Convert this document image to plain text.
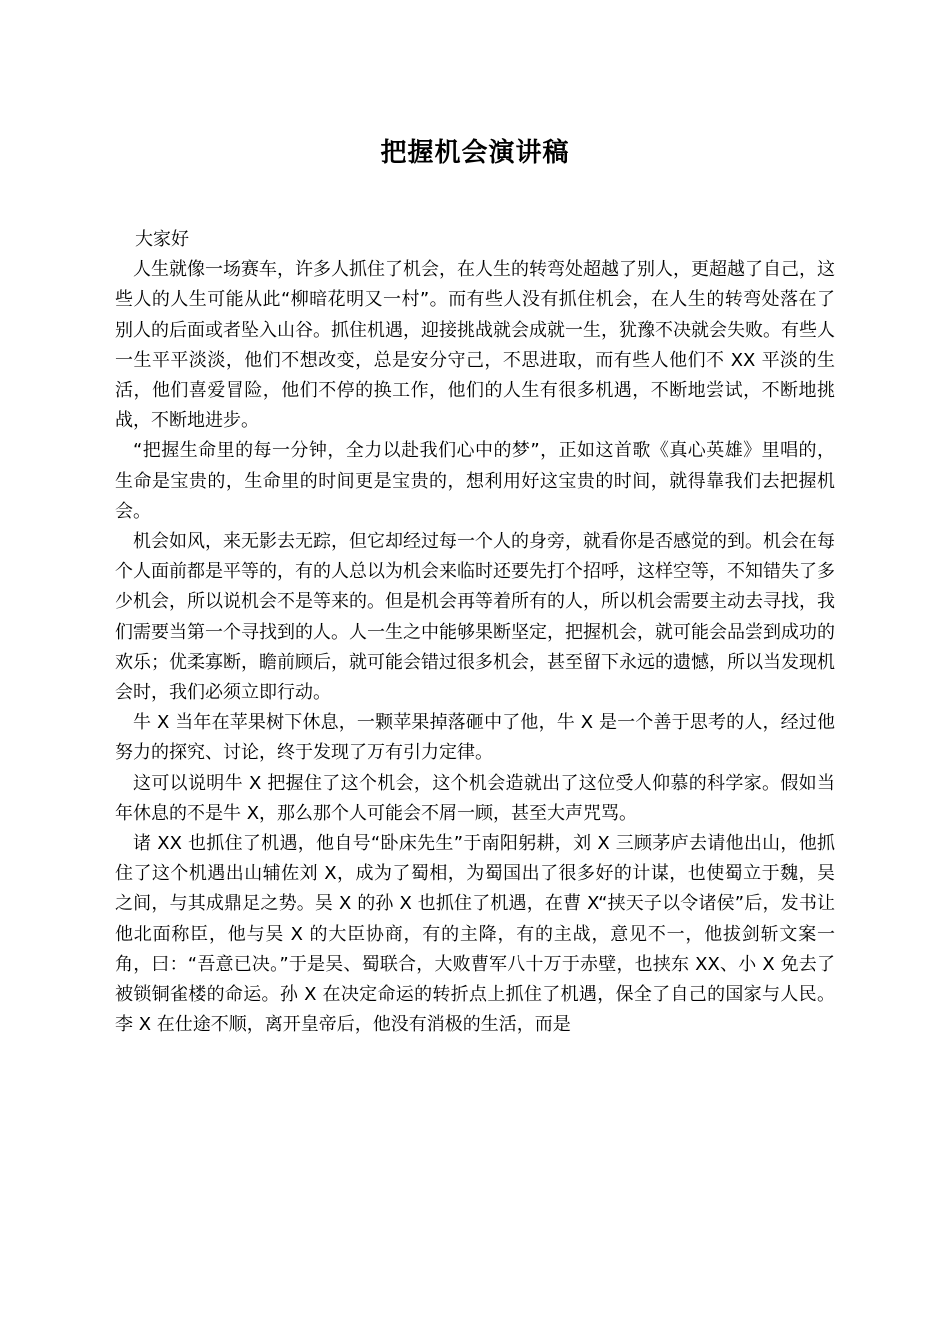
把握机会演讲稿

大家好

人生就像一场赛车，许多人抓住了机会，在人生的转弯处超越了别人，更超越了自己，这些人的人生可能从此“柳暗花明又一村”。而有些人没有抓住机会，在人生的转弯处落在了别人的后面或者坠入山谷。抓住机遇，迎接挑战就会成就一生，犹豫不决就会失败。有些人一生平平淡淡，他们不想改变，总是安分守己，不思进取，而有些人他们不 XX 平淡的生活，他们喜爱冒险，他们不停的换工作，他们的人生有很多机遇，不断地尝试，不断地挑战，不断地进步。

“把握生命里的每一分钟，全力以赴我们心中的梦”，正如这首歌《真心英雄》里唱的，生命是宝贵的，生命里的时间更是宝贵的，想利用好这宝贵的时间，就得靠我们去把握机会。

机会如风，来无影去无踪，但它却经过每一个人的身旁，就看你是否感觉的到。机会在每个人面前都是平等的，有的人总以为机会来临时还要先打个招呼，这样空等，不知错失了多少机会，所以说机会不是等来的。但是机会再等着所有的人，所以机会需要主动去寻找，我们需要当第一个寻找到的人。人一生之中能够果断坚定，把握机会，就可能会品尝到成功的欢乐；优柔寡断，瞻前顾后，就可能会错过很多机会，甚至留下永远的遗憾，所以当发现机会时，我们必须立即行动。

牛 X 当年在苹果树下休息，一颗苹果掉落砸中了他，牛 X 是一个善于思考的人，经过他努力的探究、讨论，终于发现了万有引力定律。

这可以说明牛 X 把握住了这个机会，这个机会造就出了这位受人仰慕的科学家。假如当年休息的不是牛 X，那么那个人可能会不屑一顾，甚至大声咒骂。

诸 XX 也抓住了机遇，他自号“卧床先生”于南阳躬耕，刘 X 三顾茅庐去请他出山，他抓住了这个机遇出山辅佐刘 X，成为了蜀相，为蜀国出了很多好的计谋，也使蜀立于魏，吴之间，与其成鼎足之势。吴 X 的孙 X 也抓住了机遇，在曹 X“挟天子以令诸侯”后，发书让他北面称臣，他与吴 X 的大臣协商，有的主降，有的主战，意见不一，他拔剑斩文案一角，曰：“吾意已决。”于是吴、蜀联合，大败曹军八十万于赤壁，也挟东 XX、小 X 免去了被锁铜雀楼的命运。孙 X 在决定命运的转折点上抓住了机遇，保全了自己的国家与人民。李 X 在仕途不顺，离开皇帝后，他没有消极的生活，而是
